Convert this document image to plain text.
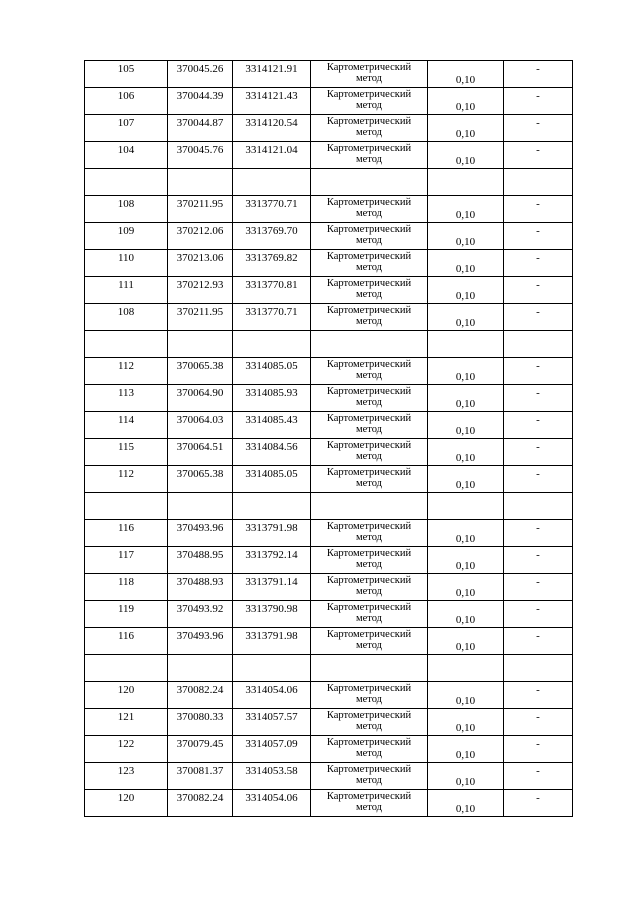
105	370045.26	3314121.91	Картометрический
метод	0,10	-
106	370044.39	3314121.43	Картометрический
метод	0,10	-
107	370044.87	3314120.54	Картометрический
метод	0,10	-
104	370045.76	3314121.04	Картометрический
метод	0,10	-

108	370211.95	3313770.71	Картометрический
метод	0,10	-
109	370212.06	3313769.70	Картометрический
метод	0,10	-
110	370213.06	3313769.82	Картометрический
метод	0,10	-
111	370212.93	3313770.81	Картометрический
метод	0,10	-
108	370211.95	3313770.71	Картометрический
метод	0,10	-

112	370065.38	3314085.05	Картометрический
метод	0,10	-
113	370064.90	3314085.93	Картометрический
метод	0,10	-
114	370064.03	3314085.43	Картометрический
метод	0,10	-
115	370064.51	3314084.56	Картометрический
метод	0,10	-
112	370065.38	3314085.05	Картометрический
метод	0,10	-

116	370493.96	3313791.98	Картометрический
метод	0,10	-
117	370488.95	3313792.14	Картометрический
метод	0,10	-
118	370488.93	3313791.14	Картометрический
метод	0,10	-
119	370493.92	3313790.98	Картометрический
метод	0,10	-
116	370493.96	3313791.98	Картометрический
метод	0,10	-

120	370082.24	3314054.06	Картометрический
метод	0,10	-
121	370080.33	3314057.57	Картометрический
метод	0,10	-
122	370079.45	3314057.09	Картометрический
метод	0,10	-
123	370081.37	3314053.58	Картометрический
метод	0,10	-
120	370082.24	3314054.06	Картометрический
метод	0,10	-
